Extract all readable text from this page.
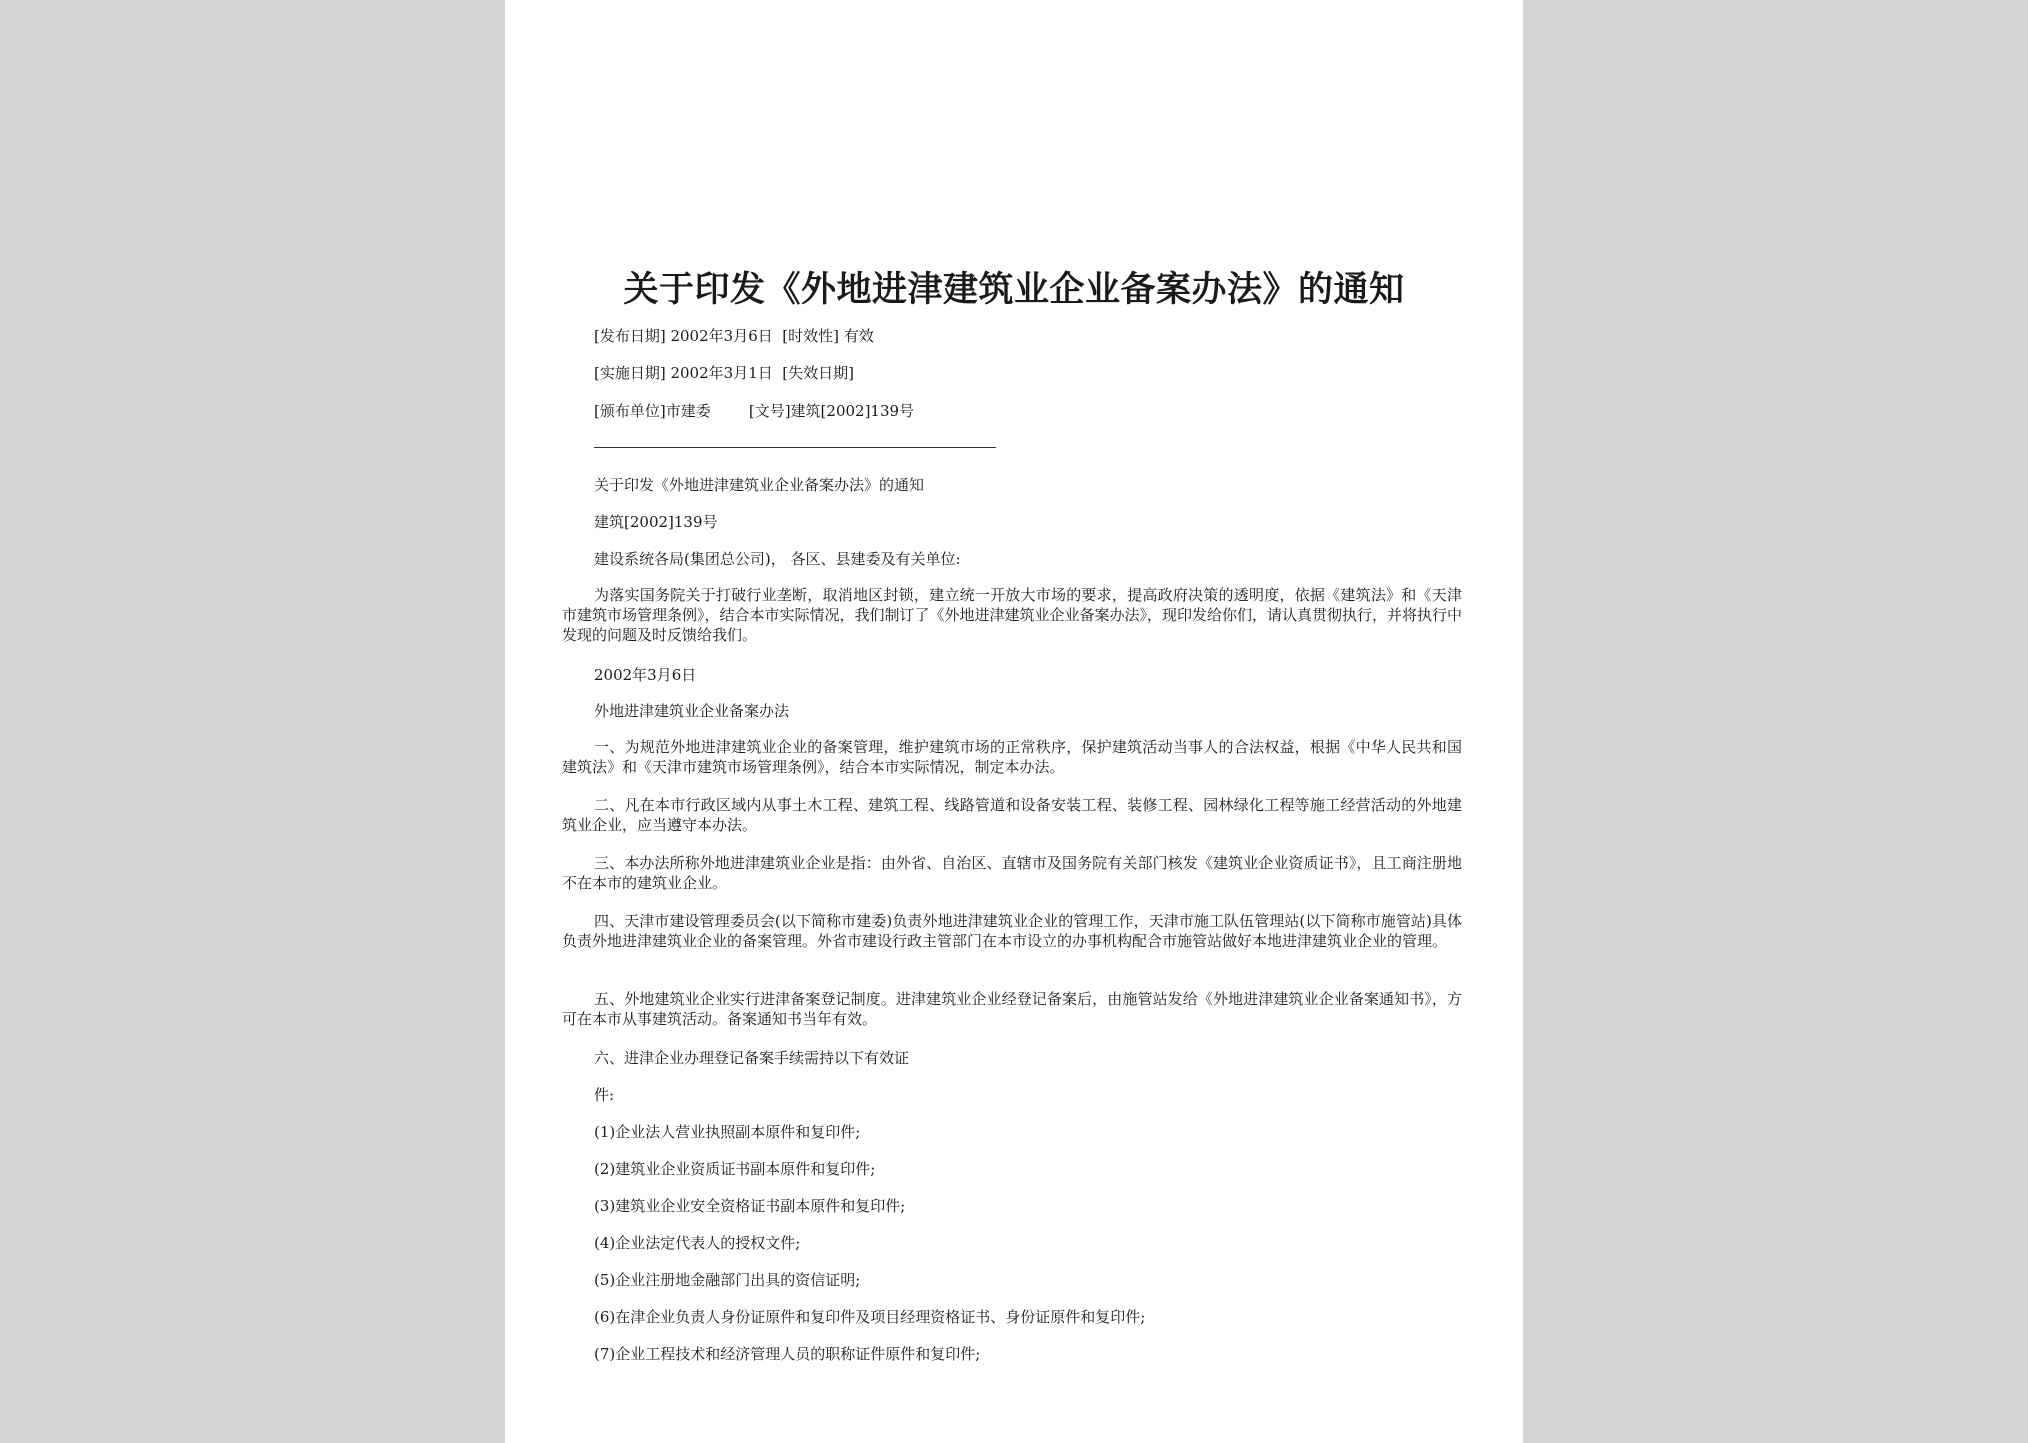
关于印发《外地进津建筑业企业备案办法》的通知
[发布日期] 2002年3月6日  [时效性] 有效
[实施日期] 2002年3月1日  [失效日期]
[颁布单位]市建委        [文号]建筑[2002]139号
关于印发《外地进津建筑业企业备案办法》的通知
建筑[2002]139号
建设系统各局(集团总公司)， 各区、县建委及有关单位:
为落实国务院关于打破行业垄断，取消地区封锁，建立统一开放大市场的要求，提高政府决策的透明度，依据《建筑法》和《天津市建筑市场管理条例》，结合本市实际情况，我们制订了《外地进津建筑业企业备案办法》，现印发给你们，请认真贯彻执行，并将执行中发现的问题及时反馈给我们。
2002年3月6日
外地进津建筑业企业备案办法
一、为规范外地进津建筑业企业的备案管理，维护建筑市场的正常秩序，保护建筑活动当事人的合法权益，根据《中华人民共和国建筑法》和《天津市建筑市场管理条例》，结合本市实际情况，制定本办法。
二、凡在本市行政区域内从事土木工程、建筑工程、线路管道和设备安装工程、装修工程、园林绿化工程等施工经营活动的外地建筑业企业，应当遵守本办法。
三、本办法所称外地进津建筑业企业是指：由外省、自治区、直辖市及国务院有关部门核发《建筑业企业资质证书》，且工商注册地不在本市的建筑业企业。
四、天津市建设管理委员会(以下简称市建委)负责外地进津建筑业企业的管理工作，天津市施工队伍管理站(以下简称市施管站)具体负责外地进津建筑业企业的备案管理。外省市建设行政主管部门在本市设立的办事机构配合市施管站做好本地进津建筑业企业的管理。
五、外地建筑业企业实行进津备案登记制度。进津建筑业企业经登记备案后，由施管站发给《外地进津建筑业企业备案通知书》，方可在本市从事建筑活动。备案通知书当年有效。
六、进津企业办理登记备案手续需持以下有效证
件:
(1)企业法人营业执照副本原件和复印件;
(2)建筑业企业资质证书副本原件和复印件;
(3)建筑业企业安全资格证书副本原件和复印件;
(4)企业法定代表人的授权文件;
(5)企业注册地金融部门出具的资信证明;
(6)在津企业负责人身份证原件和复印件及项目经理资格证书、身份证原件和复印件;
(7)企业工程技术和经济管理人员的职称证件原件和复印件;
